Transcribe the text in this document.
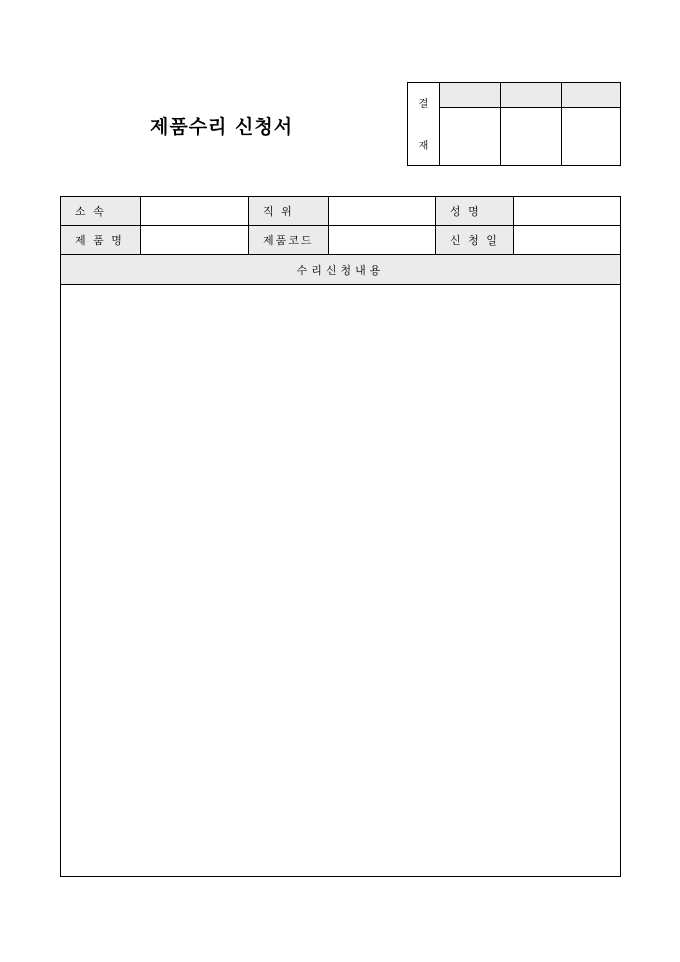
제품수리 신청서
결
재
소 속	직 위	성 명
제 품 명	제품코드	신 청 일
수리신청내용
